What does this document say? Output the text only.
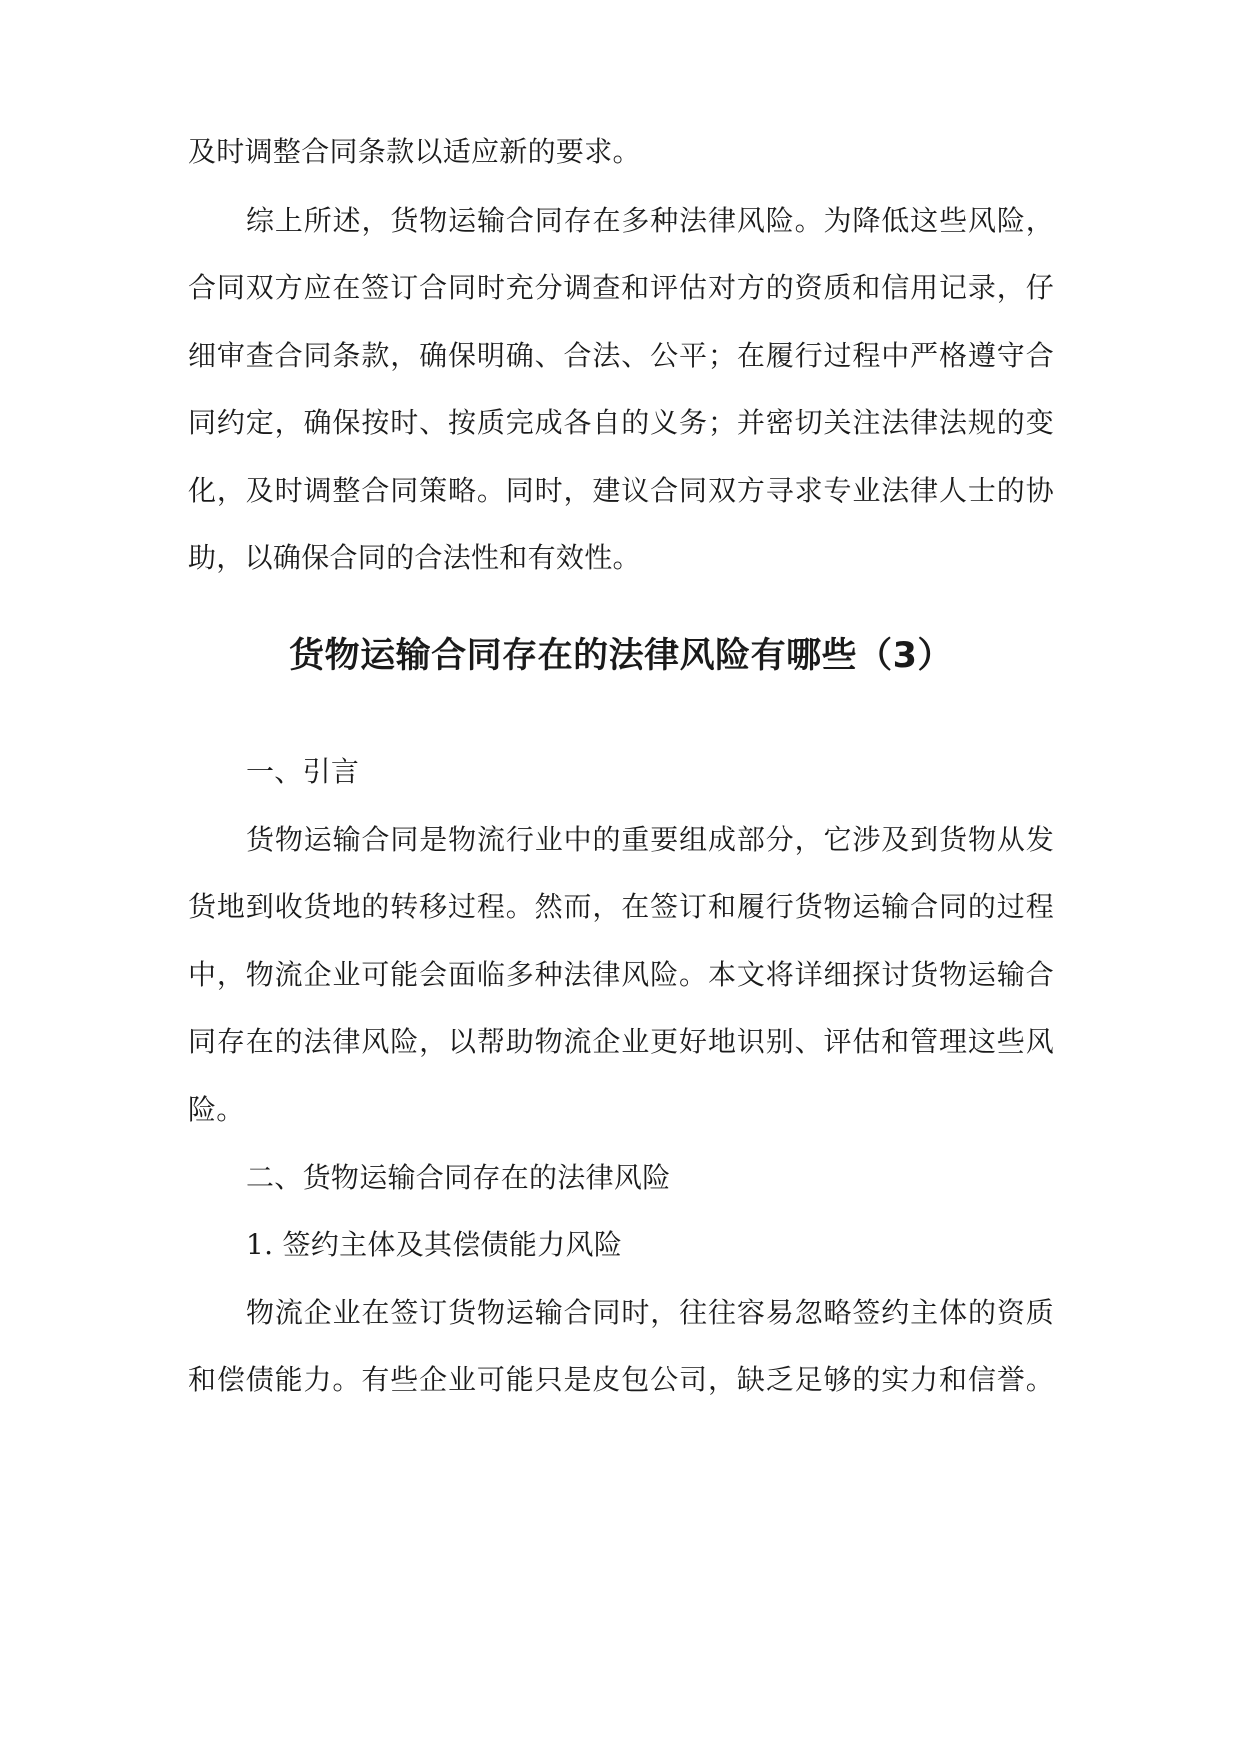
及时调整合同条款以适应新的要求。
综上所述，货物运输合同存在多种法律风险。为降低这些风险，
合同双方应在签订合同时充分调查和评估对方的资质和信用记录，仔
细审查合同条款，确保明确、合法、公平；在履行过程中严格遵守合
同约定，确保按时、按质完成各自的义务；并密切关注法律法规的变
化，及时调整合同策略。同时，建议合同双方寻求专业法律人士的协
助，以确保合同的合法性和有效性。
货物运输合同存在的法律风险有哪些（3）
一、引言
货物运输合同是物流行业中的重要组成部分，它涉及到货物从发
货地到收货地的转移过程。然而，在签订和履行货物运输合同的过程
中，物流企业可能会面临多种法律风险。本文将详细探讨货物运输合
同存在的法律风险，以帮助物流企业更好地识别、评估和管理这些风
险。
二、货物运输合同存在的法律风险
1. 签约主体及其偿债能力风险
物流企业在签订货物运输合同时，往往容易忽略签约主体的资质
和偿债能力。有些企业可能只是皮包公司，缺乏足够的实力和信誉。
